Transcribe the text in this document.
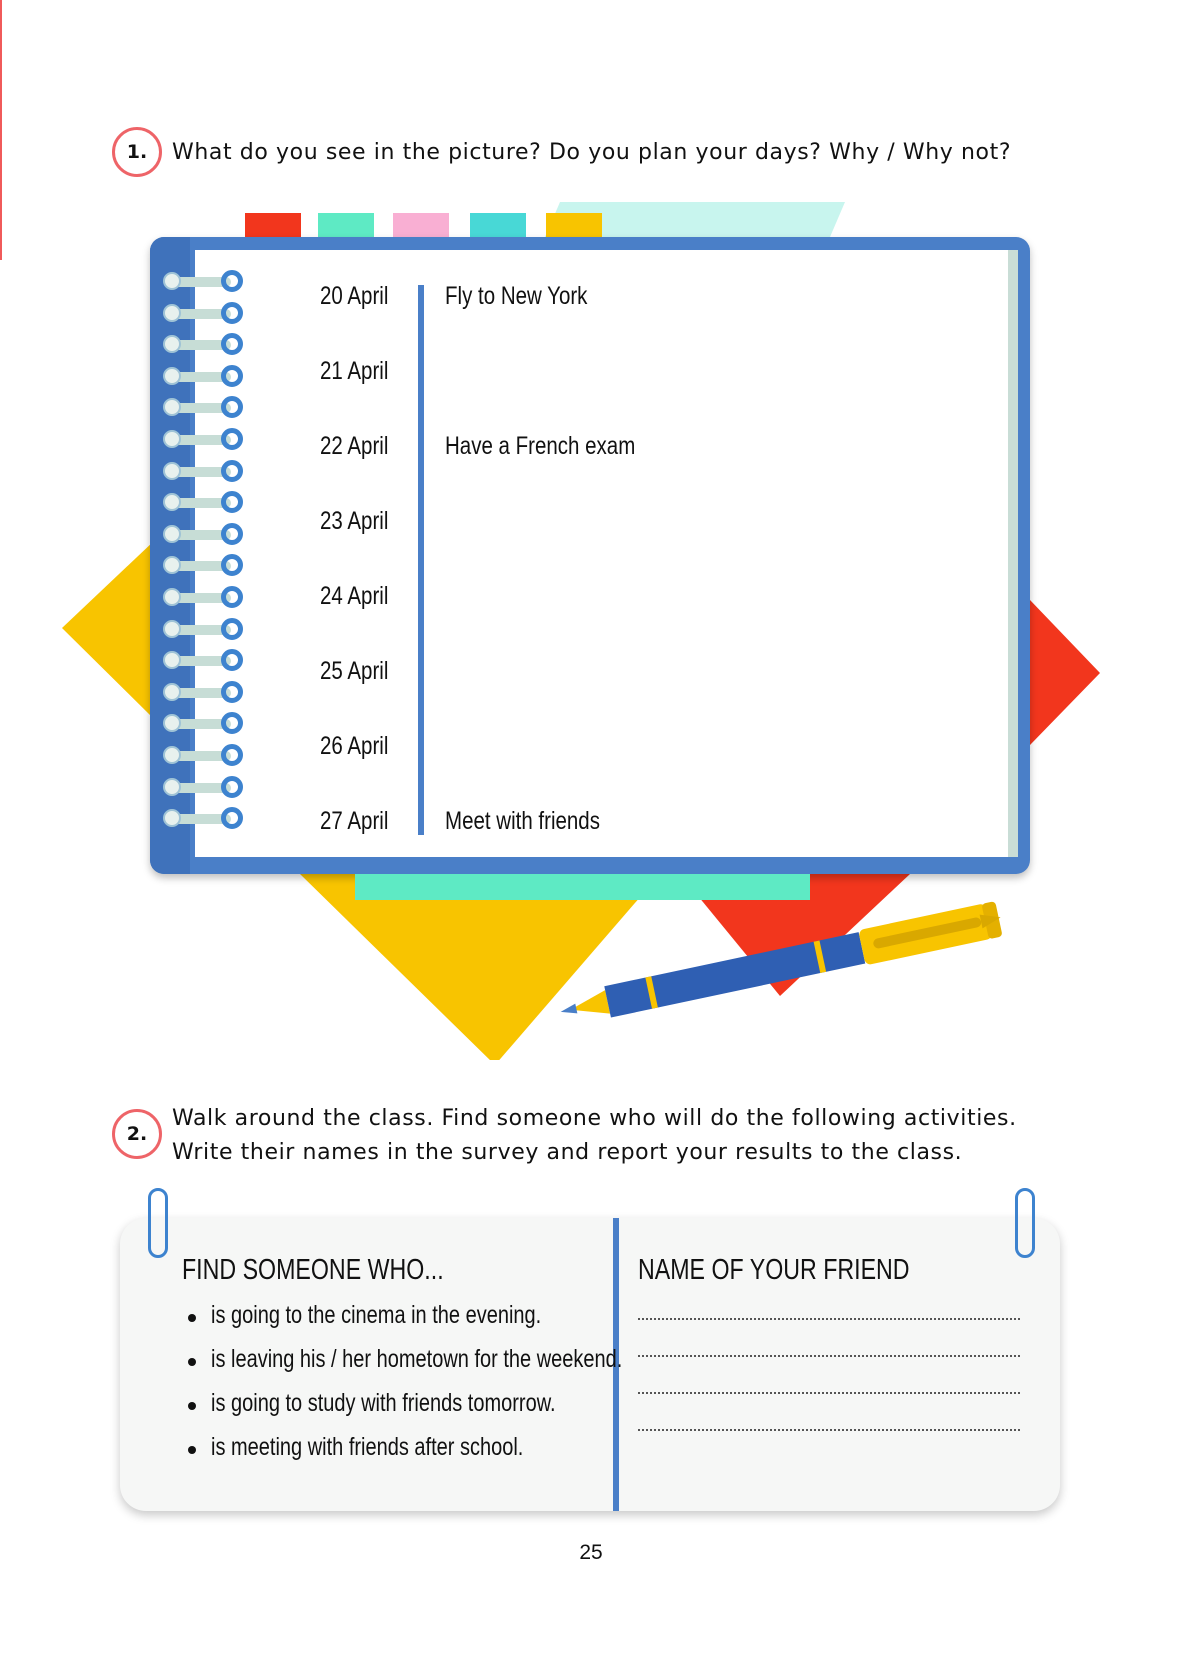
1.	What do you see in the picture? Do you plan your days? Why / Why not?
20 April Fly to New York
21 April
22 April Have a French exam
23 April
24 April
25 April
26 April
27 April Meet with friends
2.
Walk around the class. Find someone who will do the following activities.
Write their names in the survey and report your results to the class.
FIND SOMEONE WHO...	NAME OF YOUR FRIEND
is going to the cinema in the evening.
is leaving his / her hometown for the weekend.
is going to study with friends tomorrow.
is meeting with friends after school.
25
